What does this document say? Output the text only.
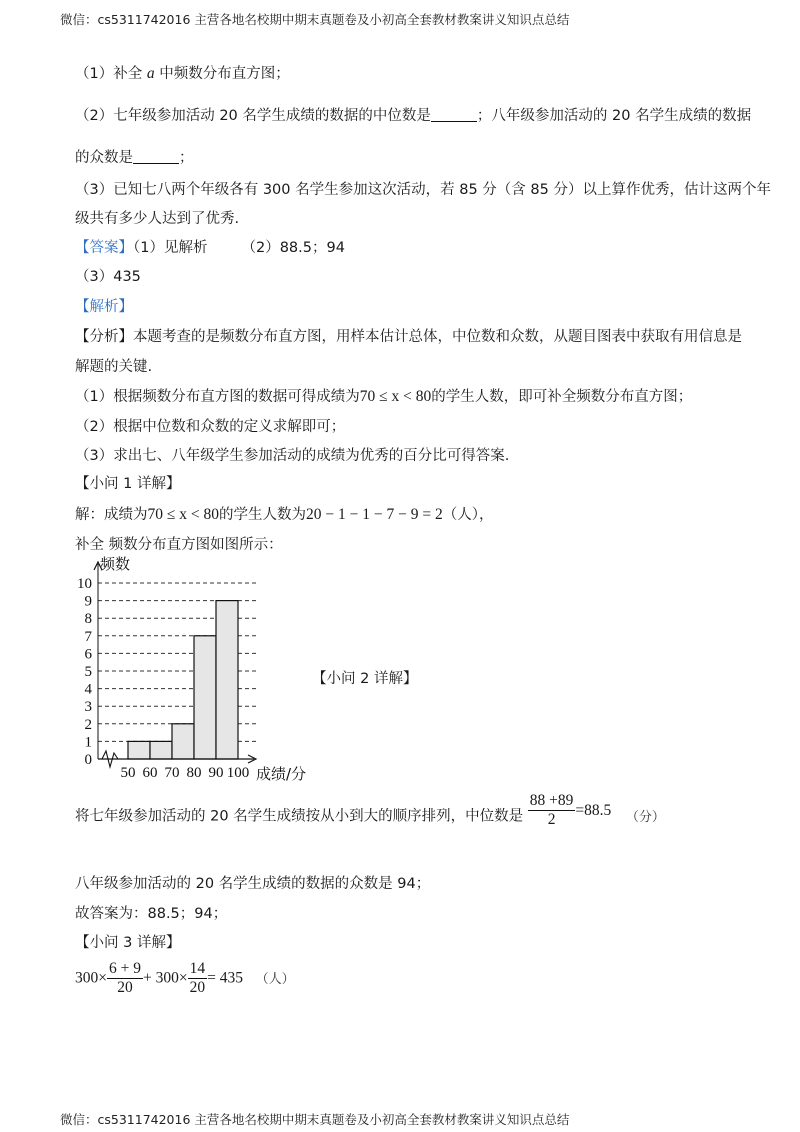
微信：cs5311742016 主营各地名校期中期末真题卷及小初高全套教材教案讲义知识点总结
（1）补全 a 中频数分布直方图；
（2）七年级参加活动 20 名学生成绩的数据的中位数是	；八年级参加活动的 20 名学生成绩的数据
的众数是	；
（3）已知七八两个年级各有 300 名学生参加这次活动，若 85 分（含 85 分）以上算作优秀，估计这两个年
级共有多少人达到了优秀.
【答案】（1）见解析 （2）88.5；94
（3）435
【解析】
【分析】本题考查的是频数分布直方图，用样本估计总体，中位数和众数，从题目图表中获取有用信息是
解题的关键.
（1）根据频数分布直方图的数据可得成绩为70 ≤ x < 80的学生人数，即可补全频数分布直方图；
（2）根据中位数和众数的定义求解即可；
（3）求出七、八年级学生参加活动的成绩为优秀的百分比可得答案.
【小问 1 详解】
解：成绩为70 ≤ x < 80的学生人数为20 − 1 − 1 − 7 − 9 = 2（人），
补全 频数分布直方图如图所示：
0
1
2
3
4
5
6
7
8
9
10
50 60 70 80 90 100
频数
成绩/分
【小问 2 详解】
将七年级参加活动的 20 名学生成绩按从小到大的顺序排列，中位数是 $\frac{88 +89}{2} =88.5$ （分）
八年级参加活动的 20 名学生成绩的数据的众数是 94；
故答案为：88.5；94；
【小问 3 详解】
$300\times \frac{6 + 9}{20} + 300\times \frac{14}{20} = 435$ （人）
微信：cs5311742016 主营各地名校期中期末真题卷及小初高全套教材教案讲义知识点总结
